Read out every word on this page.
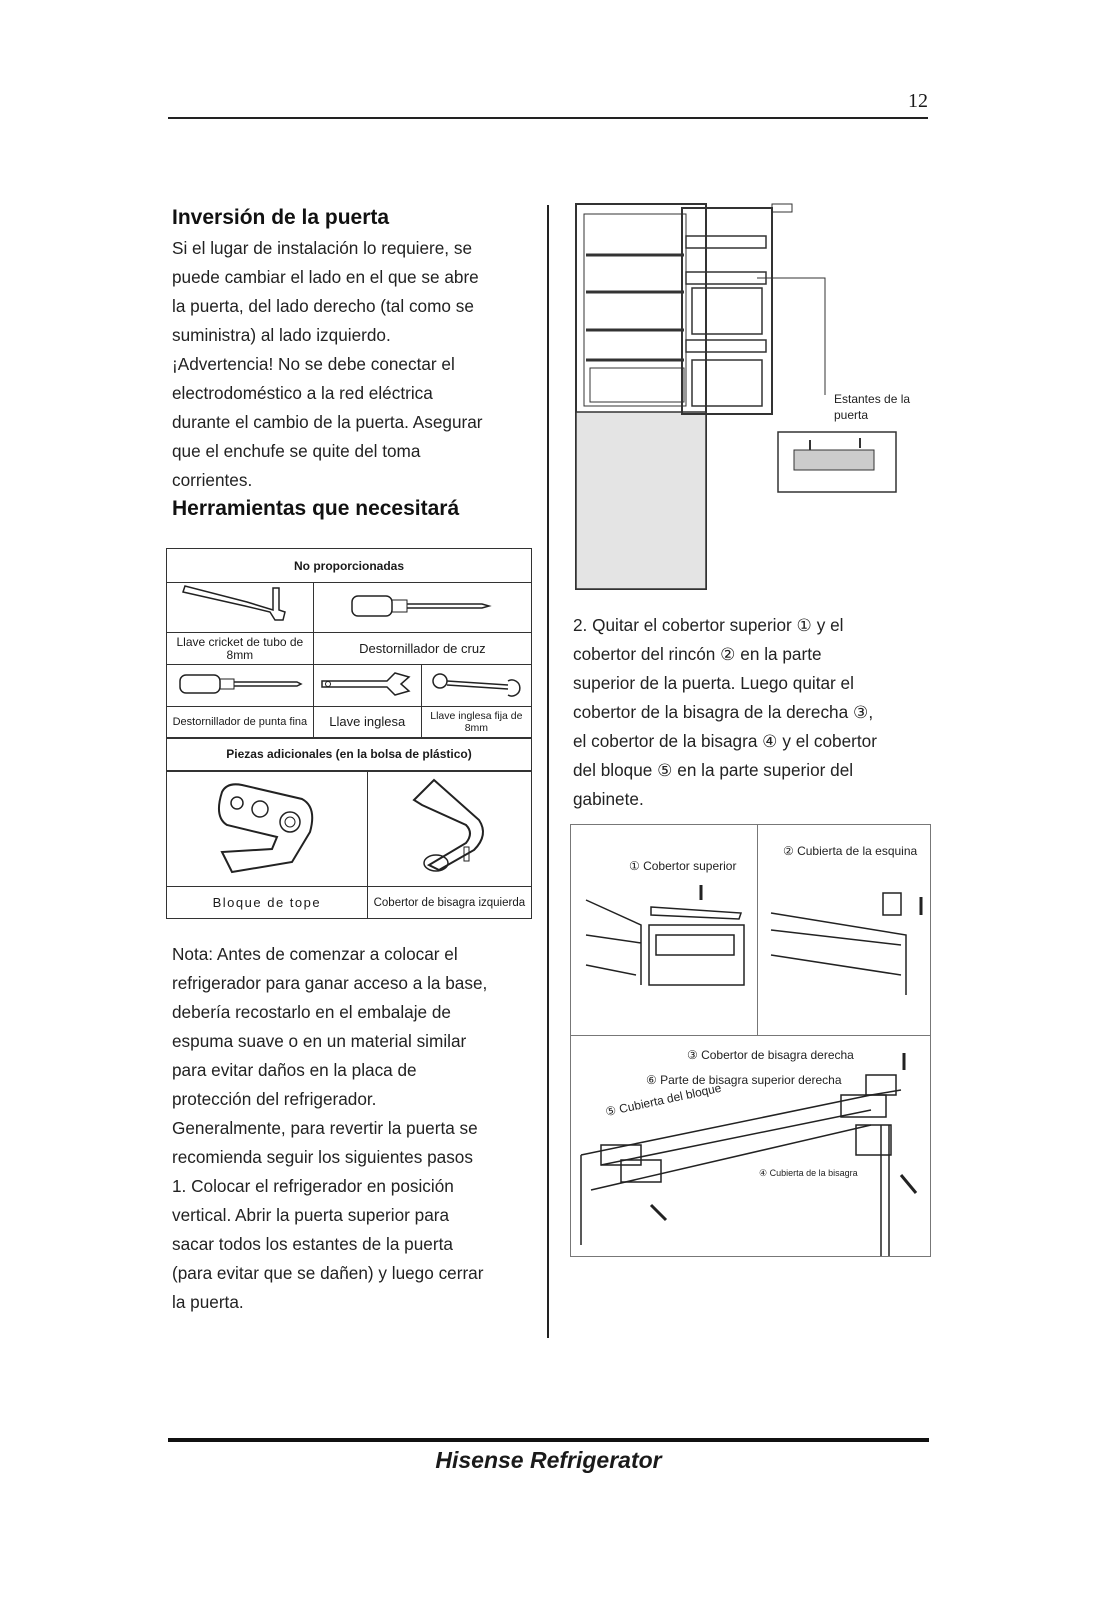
12
Inversión de la puerta
Si el lugar de instalación lo requiere, se
puede cambiar el lado en el que se abre
la puerta, del lado derecho (tal como se
suministra) al lado izquierdo.
¡Advertencia! No se debe conectar el
electrodoméstico a la red eléctrica
durante el cambio de la puerta. Asegurar
que el enchufe se quite del toma
corrientes.
Herramientas que necesitará
No proporcionadas			

Llave cricket de tubo de 8mm	Destornillador de cruz		

Destornillador de punta fina	Llave inglesa		Llave inglesa fija de 8mm
Piezas adicionales (en la bolsa de plástico)			

Bloque de tope		Cobertor de bisagra izquierda	
Nota: Antes de comenzar a colocar el
refrigerador para ganar acceso a la base,
debería recostarlo en el embalaje de
espuma suave o en un material similar
para evitar daños en la placa de
protección del refrigerador.
Generalmente, para revertir la puerta se
recomienda seguir los siguientes pasos
1. Colocar el refrigerador en posición
vertical. Abrir la puerta superior para
sacar todos los estantes de la puerta
(para evitar que se dañen) y luego cerrar
la puerta.
Estantes de la
puerta
2. Quitar el cobertor superior ① y el
cobertor del rincón ② en la parte
superior de la puerta. Luego quitar el
cobertor de la bisagra de la derecha ③,
el cobertor de la bisagra ④ y el cobertor
del bloque ⑤ en la parte superior del
gabinete.
① Cobertor superior
② Cubierta de la esquina
③ Cobertor de bisagra derecha
⑥ Parte de bisagra superior derecha
⑤ Cubierta del bloque
④ Cubierta de la bisagra
Hisense Refrigerator
